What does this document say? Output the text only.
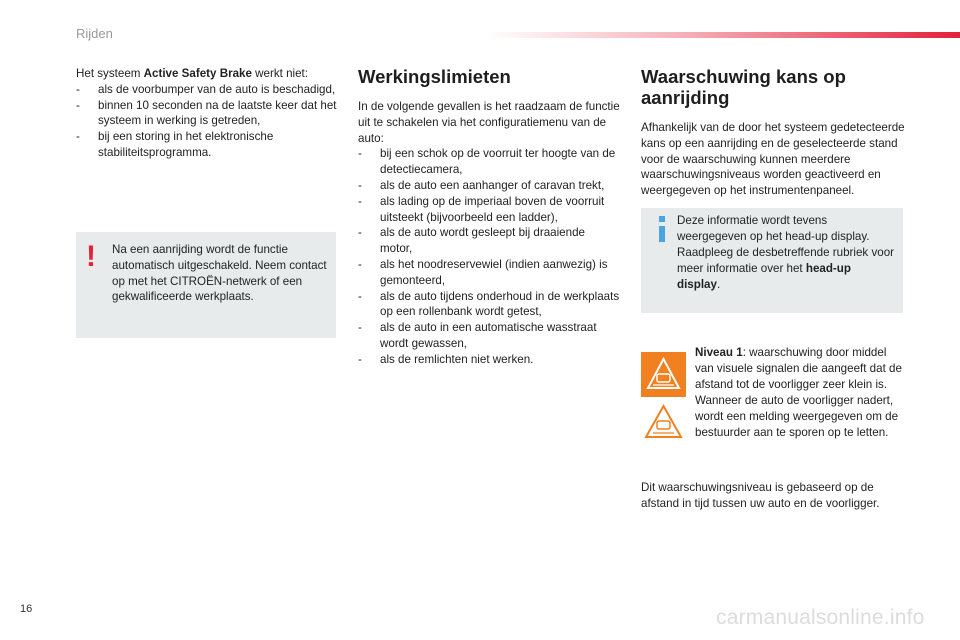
Rijden

Het systeem Active Safety Brake werkt niet:

- als de voorbumper van de auto is beschadigd,
- binnen 10 seconden na de laatste keer dat het systeem in werking is getreden,
- bij een storing in het elektronische stabiliteitsprogramma.
! Na een aanrijding wordt de functie automatisch uitgeschakeld. Neem contact op met het CITROËN-netwerk of een gekwalificeerde werkplaats.

Werkingslimieten

In de volgende gevallen is het raadzaam de functie uit te schakelen via het configuratiemenu van de auto:

- bij een schok op de voorruit ter hoogte van de detectiecamera,
- als de auto een aanhanger of caravan trekt,
- als lading op de imperiaal boven de voorruit uitsteekt (bijvoorbeeld een ladder),
- als de auto wordt gesleept bij draaiende motor,
- als het noodreservewiel (indien aanwezig) is gemonteerd,
- als de auto tijdens onderhoud in de werkplaats op een rollenbank wordt getest,
- als de auto in een automatische wasstraat wordt gewassen,
- als de remlichten niet werken.
Waarschuwing kans op aanrijding

Afhankelijk van de door het systeem gedetecteerde kans op een aanrijding en de geselecteerde stand voor de waarschuwing kunnen meerdere waarschuwingsniveaus worden geactiveerd en weergegeven op het instrumentenpaneel.

Deze informatie wordt tevens weergegeven op het head-up display. Raadpleeg de desbetreffende rubriek voor meer informatie over het head-up display.

Niveau 1: waarschuwing door middel van visuele signalen die aangeeft dat de afstand tot de voorligger zeer klein is.

Wanneer de auto de voorligger nadert, wordt een melding weergegeven om de bestuurder aan te sporen op te letten.

Dit waarschuwingsniveau is gebaseerd op de afstand in tijd tussen uw auto en de voorligger.

16	carmanualsonline.info
